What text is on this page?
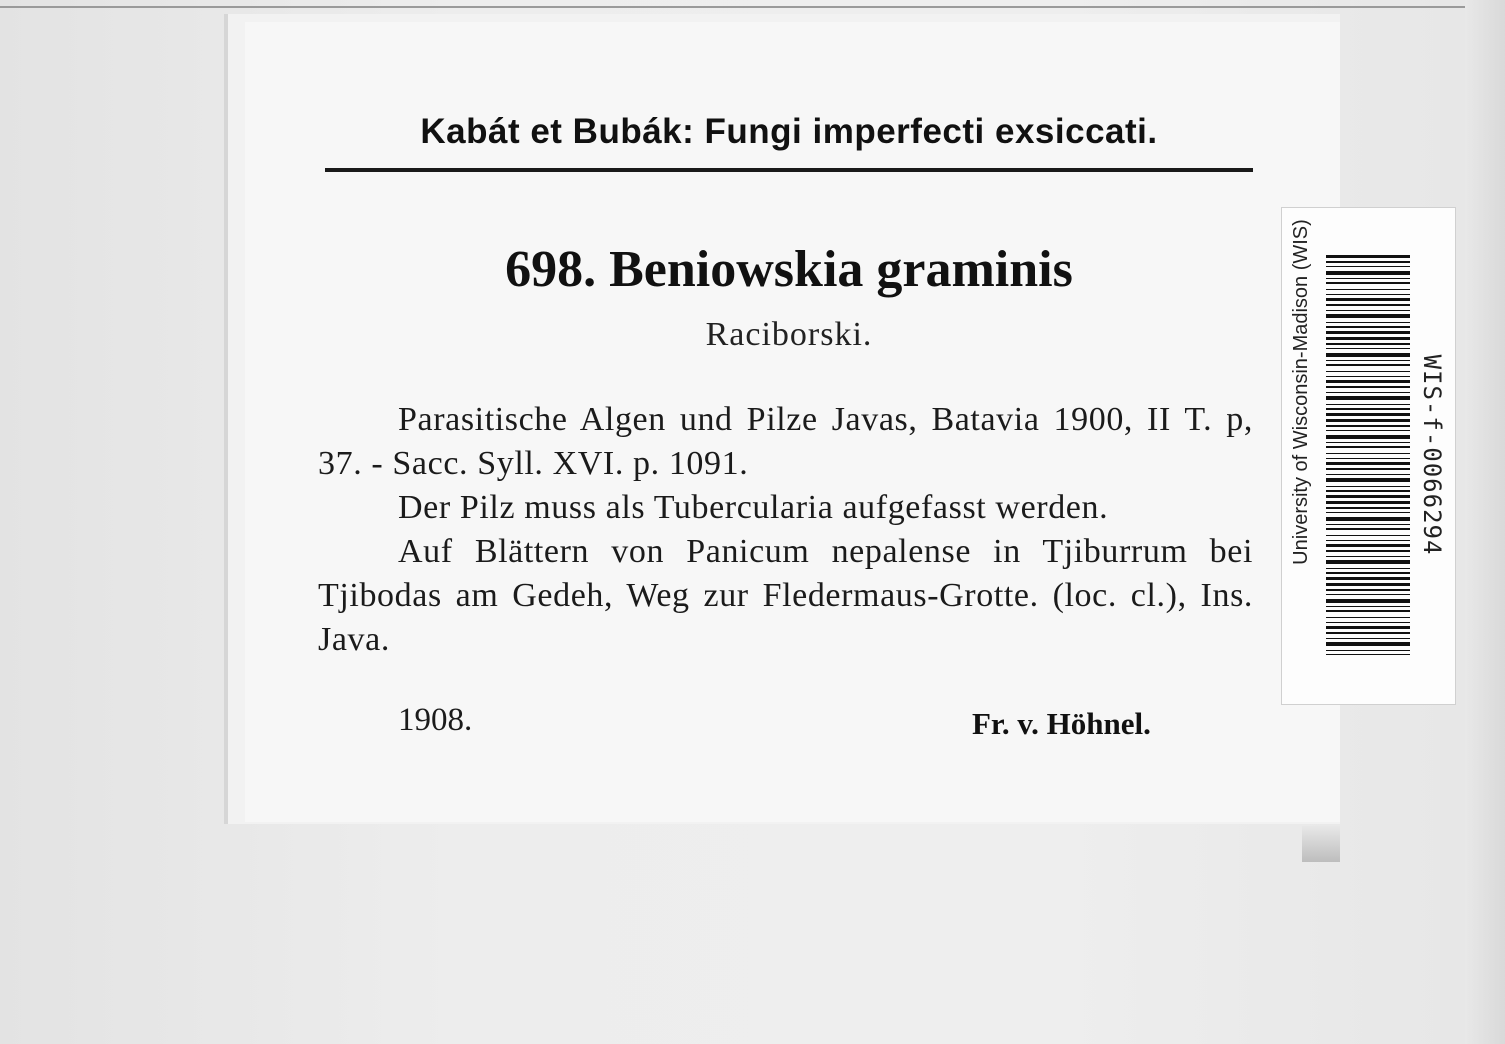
Kabát et Bubák: Fungi imperfecti exsiccati.
698. Beniowskia graminis
Raciborski.

Parasitische Algen und Pilze Javas, Batavia 1900, II T. p, 37. - Sacc. Syll. XVI. p. 1091.

Der Pilz muss als Tubercularia aufgefasst werden.

Auf Blättern von Panicum nepalense in Tjiburrum bei Tjibodas am Gedeh, Weg zur Fledermaus-Grotte. (loc. cl.), Ins. Java.

1908.	Fr. v. Höhnel.
University of Wisconsin-Madison (WIS)	WIS-f-0066294
